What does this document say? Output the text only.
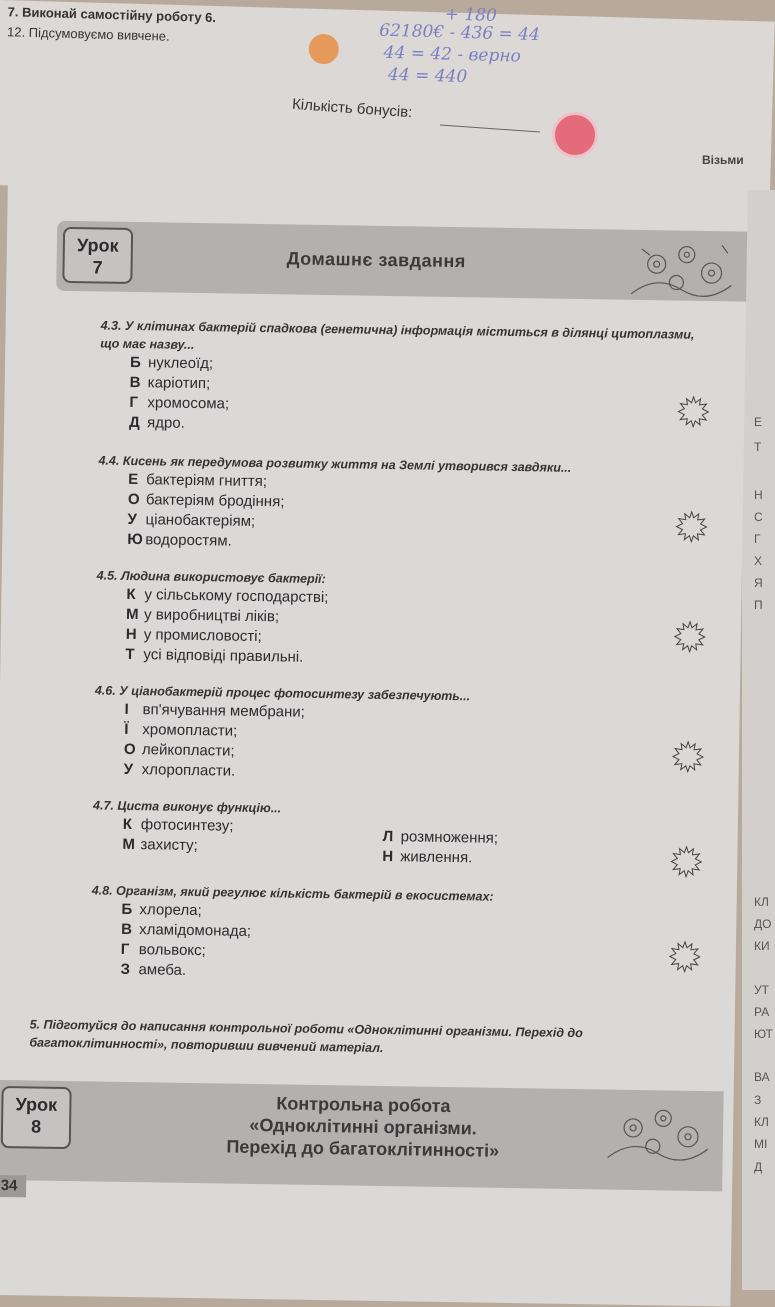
7. Виконай самостійну роботу 6.
12. Підсумовуємо вивчене.
+ 180
62180€ - 436 = 44
44 = 42 - верно
44 = 440
Кількість бонусів:
Візьми
Е
Т
Н
С
Г
Х
Я
П
КЛ
ДО
КИ
УТ
РА
ЮТ
ВА
З
КЛ
МІ
Д
Урок
7	Домашнє завдання
4.3. У клітинах бактерій спадкова (генетична) інформація міститься в ділянці цитоплазми, що має назву...
Б нуклеоїд;
В каріотип;
Г хромосома;
Д ядро.
4.4. Кисень як передумова розвитку життя на Землі утворився завдяки...
Е бактеріям гниття;
О бактеріям бродіння;
У ціанобактеріям;
Ю водоростям.
4.5. Людина використовує бактерії:
К у сільському господарстві;
М у виробництві ліків;
Н у промисловості;
Т усі відповіді правильні.
4.6. У ціанобактерій процес фотосинтезу забезпечують...
І вп'ячування мембрани;
Ї хромопласти;
О лейкопласти;
У хлоропласти.
4.7. Циста виконує функцію...
К фотосинтезу;
М захисту;	Л розмноження;
Н живлення.
4.8. Організм, який регулює кількість бактерій в екосистемах:
Б хлорела;
В хламідомонада;
Г вольвокс;
З амеба.
5. Підготуйся до написання контрольної роботи «Одноклітинні організми. Перехід до багатоклітинності», повторивши вивчений матеріал.
Урок
8
Контрольна робота
«Одноклітинні організми.
Перехід до багатоклітинності»
34
